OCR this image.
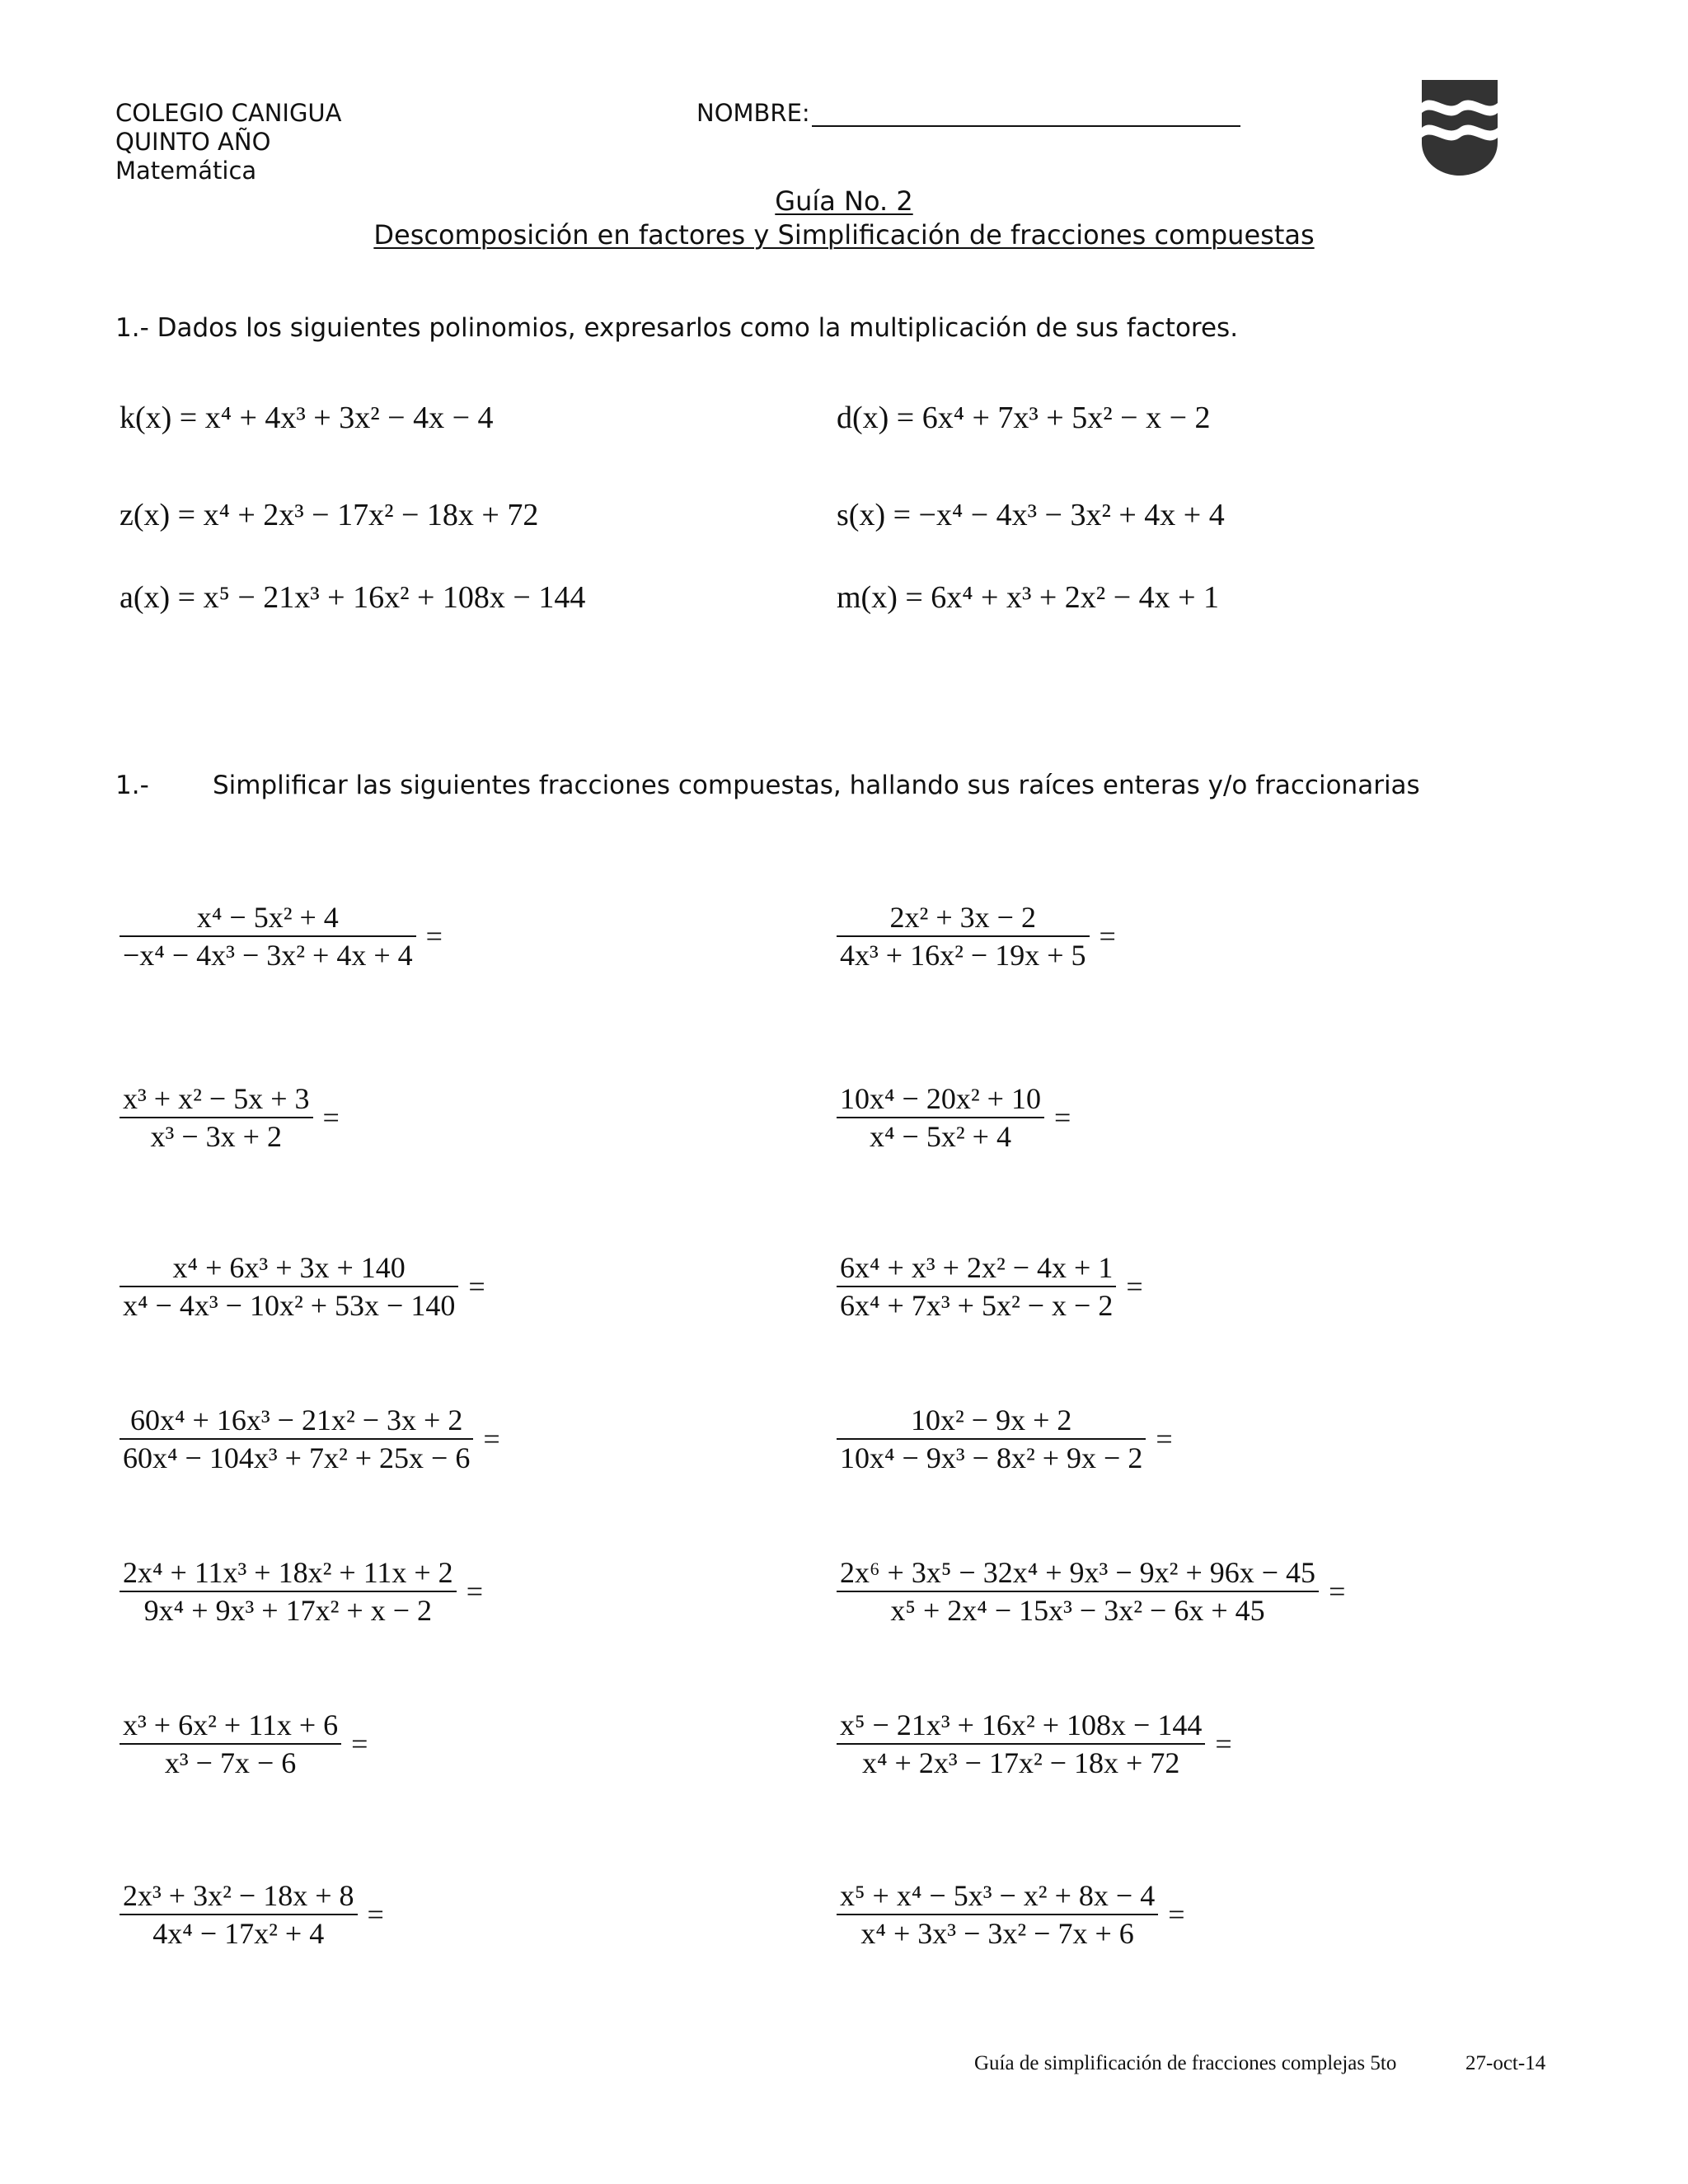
COLEGIO CANIGUA
QUINTO AÑO
Matemática
NOMBRE:
Guía No. 2
Descomposición en factores y Simplificación de fracciones compuestas
1.- Dados los siguientes polinomios, expresarlos como la multiplicación de sus factores.
k(x) = x⁴ + 4x³ + 3x² − 4x − 4	d(x) = 6x⁴ + 7x³ + 5x² − x − 2
z(x) = x⁴ + 2x³ − 17x² − 18x + 72	s(x) = −x⁴ − 4x³ − 3x² + 4x + 4
a(x) = x⁵ − 21x³ + 16x² + 108x − 144	m(x) = 6x⁴ + x³ + 2x² − 4x + 1
1.- Simplificar las siguientes fracciones compuestas, hallando sus raíces enteras y/o fraccionarias
$\frac{\text{x⁴ − 5x² + 4}}{\text{−x⁴ − 4x³ − 3x² + 4x + 4}}$ =	$\frac{\text{2x² + 3x − 2}}{\text{4x³ + 16x² − 19x + 5}}$ =
$\frac{\text{x³ + x² − 5x + 3}}{\text{x³ − 3x + 2}}$ =	$\frac{\text{10x⁴ − 20x² + 10}}{\text{x⁴ − 5x² + 4}}$ =
$\frac{\text{x⁴ + 6x³ + 3x + 140}}{\text{x⁴ − 4x³ − 10x² + 53x − 140}}$ =	$\frac{\text{6x⁴ + x³ + 2x² − 4x + 1}}{\text{6x⁴ + 7x³ + 5x² − x − 2}}$ =
$\frac{\text{60x⁴ + 16x³ − 21x² − 3x + 2}}{\text{60x⁴ − 104x³ + 7x² + 25x − 6}}$ =	$\frac{\text{10x² − 9x + 2}}{\text{10x⁴ − 9x³ − 8x² + 9x − 2}}$ =
$\frac{\text{2x⁴ + 11x³ + 18x² + 11x + 2}}{\text{9x⁴ + 9x³ + 17x² + x − 2}}$ =	$\frac{\text{2x⁶ + 3x⁵ − 32x⁴ + 9x³ − 9x² + 96x − 45}}{\text{x⁵ + 2x⁴ − 15x³ − 3x² − 6x + 45}}$ =
$\frac{\text{x³ + 6x² + 11x + 6}}{\text{x³ − 7x − 6}}$ =	$\frac{\text{x⁵ − 21x³ + 16x² + 108x − 144}}{\text{x⁴ + 2x³ − 17x² − 18x + 72}}$ =
$\frac{\text{2x³ + 3x² − 18x + 8}}{\text{4x⁴ − 17x² + 4}}$ =	$\frac{\text{x⁵ + x⁴ − 5x³ − x² + 8x − 4}}{\text{x⁴ + 3x³ − 3x² − 7x + 6}}$ =
Guía de simplificación de fracciones complejas 5to	27-oct-14
